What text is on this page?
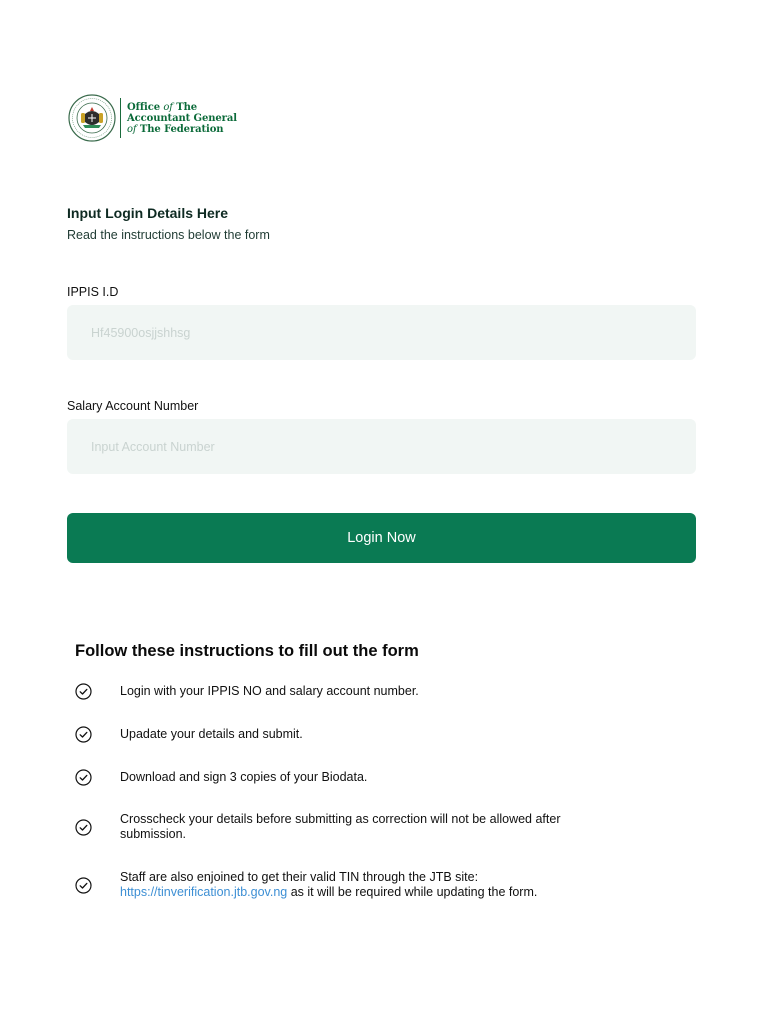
Office of The
Accountant General
of The Federation
Input Login Details Here
Read the instructions below the form
IPPIS I.D
Hf45900osjjshhsg
Salary Account Number
Input Account Number
Login Now
Follow these instructions to fill out the form
Login with your IPPIS NO and salary account number.
Upadate your details and submit.
Download and sign 3 copies of your Biodata.
Crosscheck your details before submitting as correction will not be allowed after submission.
Staff are also enjoined to get their valid TIN through the JTB site:
https://tinverification.jtb.gov.ng as it will be required while updating the form.
